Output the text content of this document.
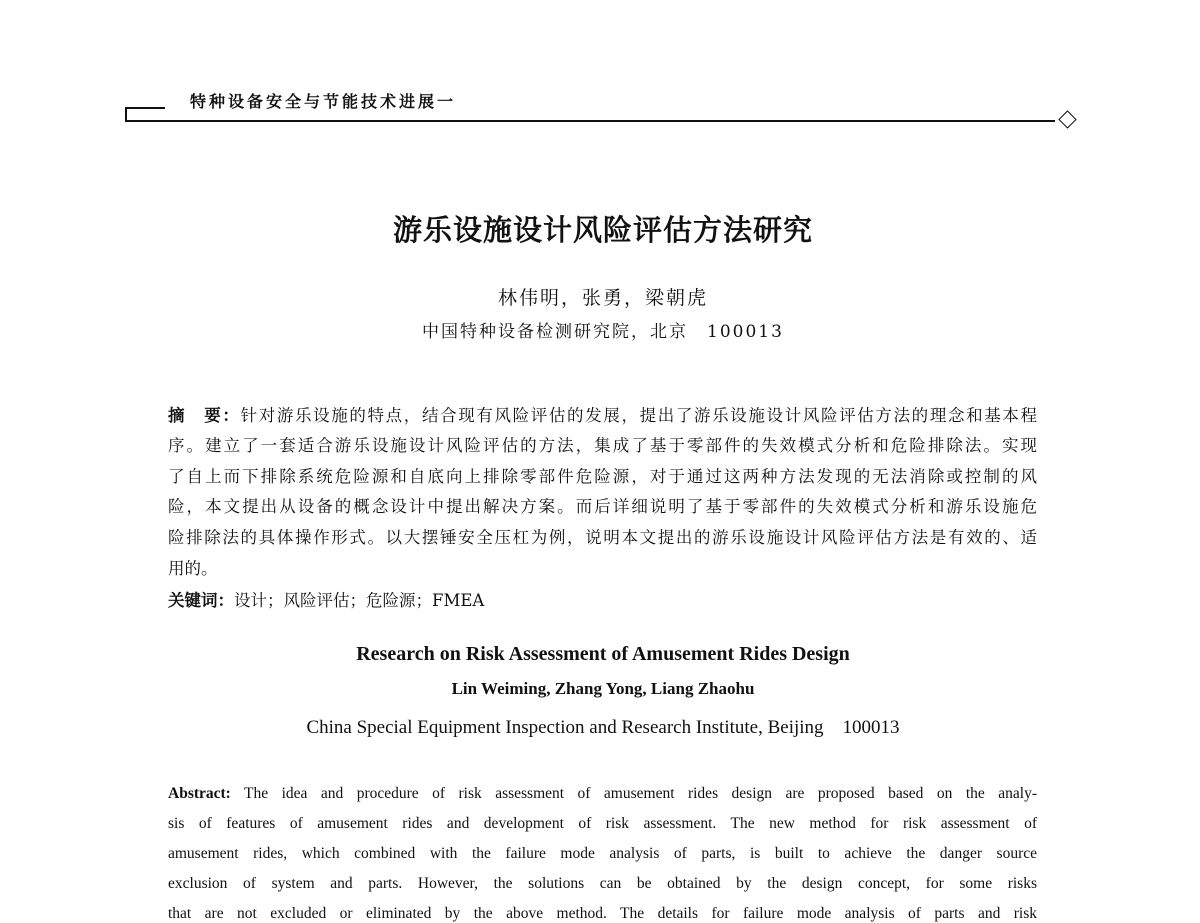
特种设备安全与节能技术进展一
游乐设施设计风险评估方法研究
林伟明，张勇，梁朝虎
中国特种设备检测研究院，北京　100013
摘　要：针对游乐设施的特点，结合现有风险评估的发展，提出了游乐设施设计风险评估方法的理念和基本程
序。建立了一套适合游乐设施设计风险评估的方法，集成了基于零部件的失效模式分析和危险排除法。实现
了自上而下排除系统危险源和自底向上排除零部件危险源，对于通过这两种方法发现的无法消除或控制的风
险，本文提出从设备的概念设计中提出解决方案。而后详细说明了基于零部件的失效模式分析和游乐设施危
险排除法的具体操作形式。以大摆锤安全压杠为例，说明本文提出的游乐设施设计风险评估方法是有效的、适
用的。
关键词：设计；风险评估；危险源；FMEA
Research on Risk Assessment of Amusement Rides Design
Lin Weiming, Zhang Yong, Liang Zhaohu
China Special Equipment Inspection and Research Institute, Beijing　100013
Abstract: The idea and procedure of risk assessment of amusement rides design are proposed based on the analy-
sis of features of amusement rides and development of risk assessment. The new method for risk assessment of
amusement rides, which combined with the failure mode analysis of parts, is built to achieve the danger source
exclusion of system and parts. However, the solutions can be obtained by the design concept, for some risks
that are not excluded or eliminated by the above method. The details for failure mode analysis of parts and risk
